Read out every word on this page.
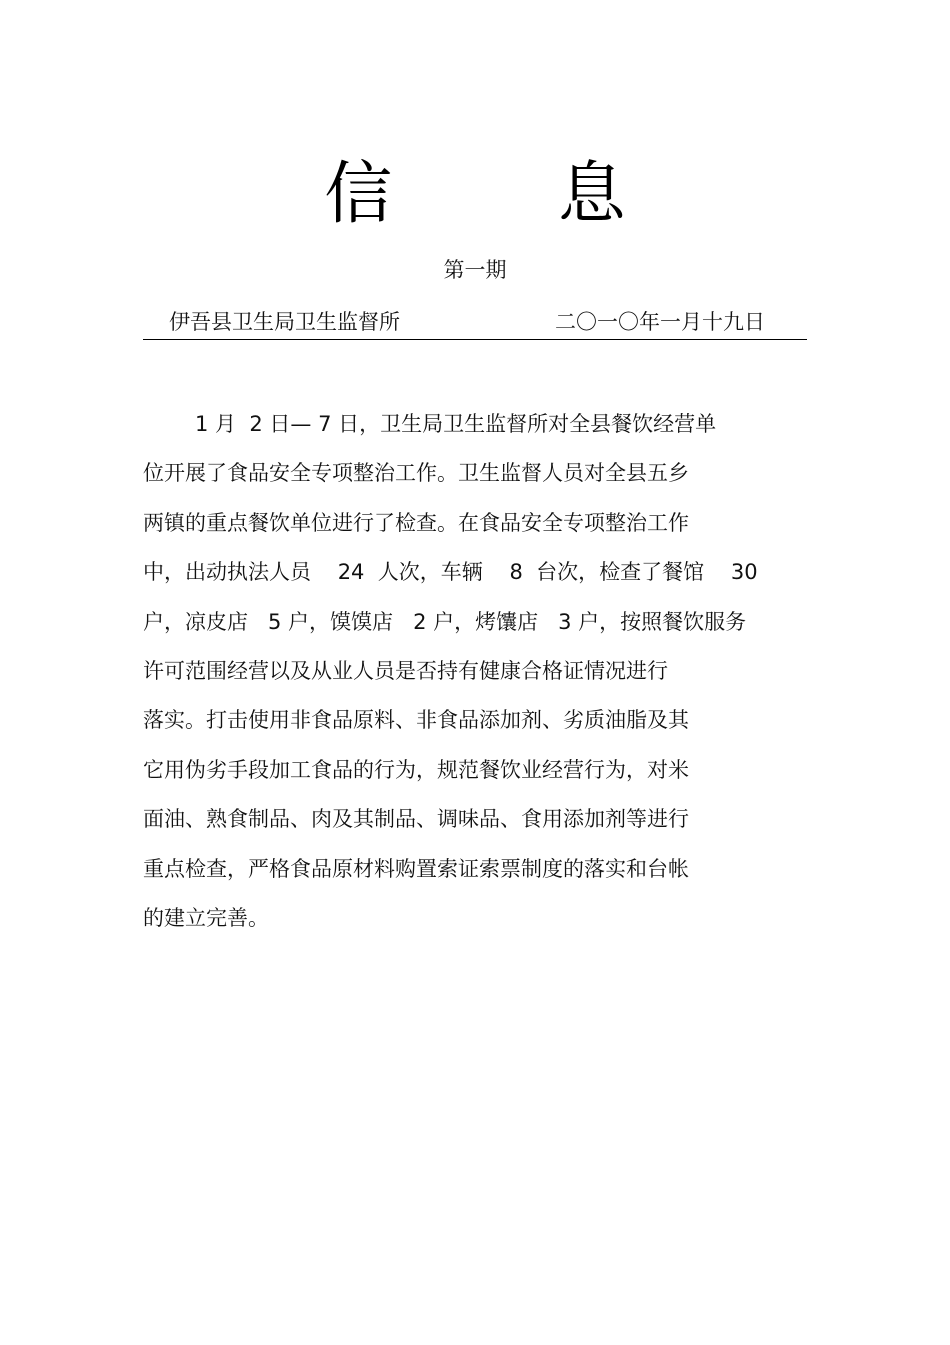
信 息
第一期
伊吾县卫生局卫生监督所	二〇一〇年一月十九日
1 月  2 日— 7 日，卫生局卫生监督所对全县餐饮经营单
位开展了食品安全专项整治工作。卫生监督人员对全县五乡
两镇的重点餐饮单位进行了检查。在食品安全专项整治工作
中，出动执法人员    24  人次，车辆    8  台次，检查了餐馆    30
户，凉皮店   5 户，馍馍店   2 户，烤馕店   3 户，按照餐饮服务
许可范围经营以及从业人员是否持有健康合格证情况进行
落实。打击使用非食品原料、非食品添加剂、劣质油脂及其
它用伪劣手段加工食品的行为，规范餐饮业经营行为，对米
面油、熟食制品、肉及其制品、调味品、食用添加剂等进行
重点检查，严格食品原材料购置索证索票制度的落实和台帐
的建立完善。
